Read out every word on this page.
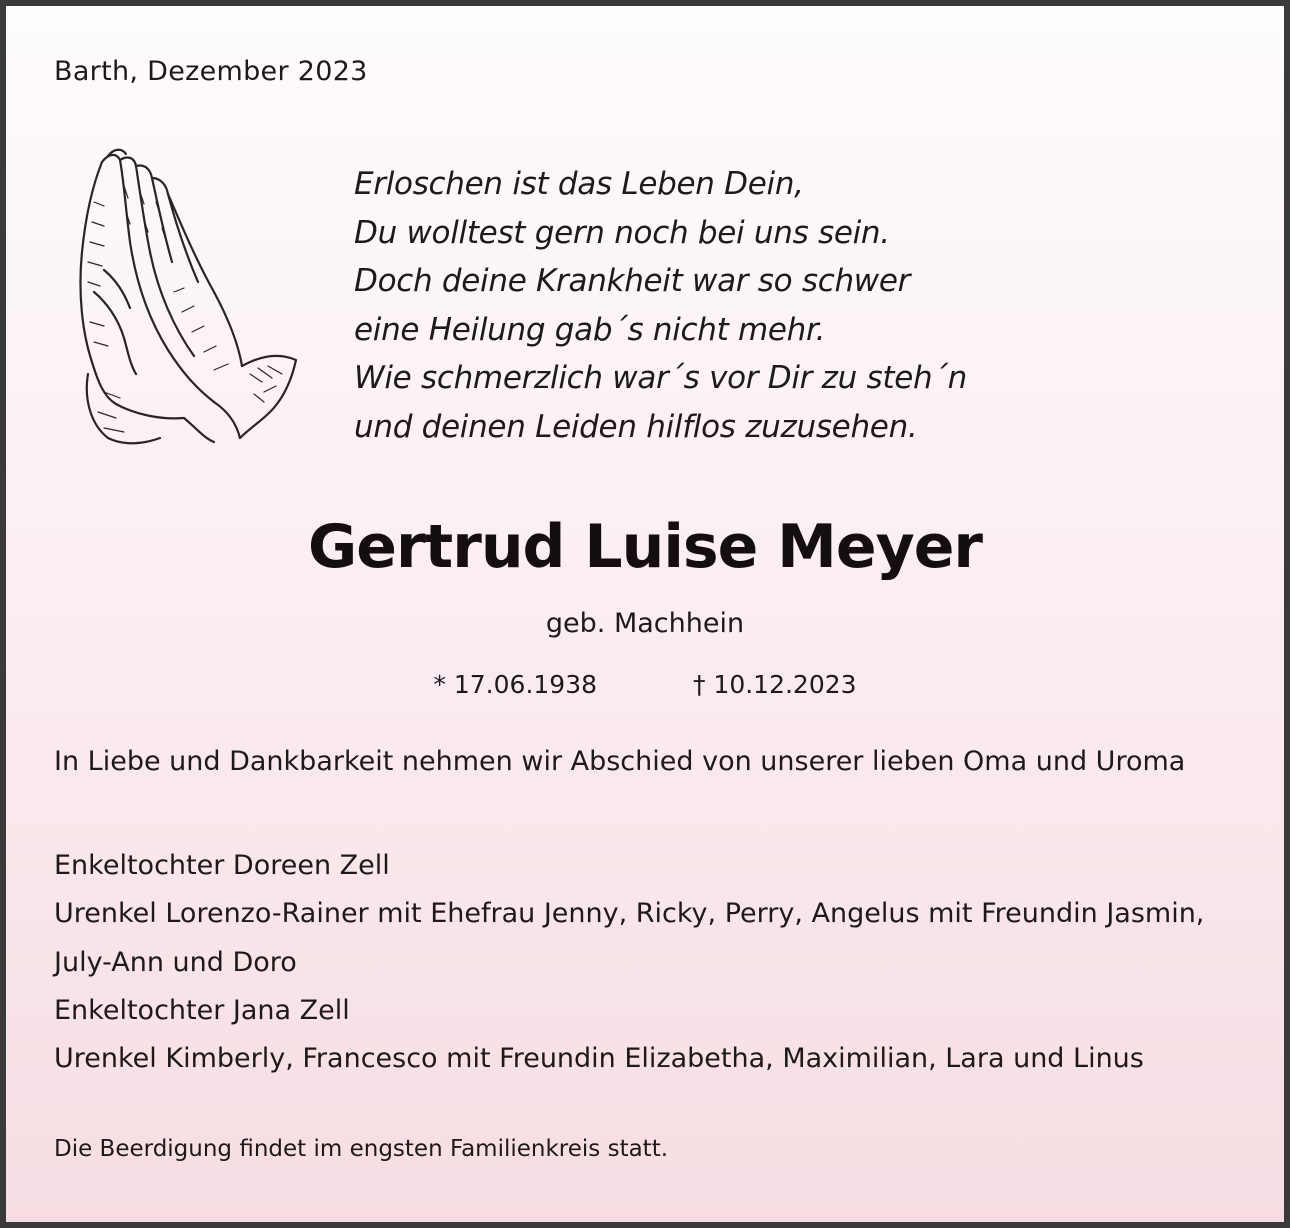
Barth, Dezember 2023

Erloschen ist das Leben Dein,
Du wolltest gern noch bei uns sein.
Doch deine Krankheit war so schwer
eine Heilung gab´s nicht mehr.
Wie schmerzlich war´s vor Dir zu steh´n
und deinen Leiden hilflos zuzusehen.
Gertrud Luise Meyer

geb. Machhein

* 17.06.1938	† 10.12.2023

In Liebe und Dankbarkeit nehmen wir Abschied von unserer lieben Oma und Uroma

Enkeltochter Doreen Zell
Urenkel Lorenzo-Rainer mit Ehefrau Jenny, Ricky, Perry, Angelus mit Freundin Jasmin,
July-Ann und Doro
Enkeltochter Jana Zell
Urenkel Kimberly, Francesco mit Freundin Elizabetha, Maximilian, Lara und Linus

Die Beerdigung findet im engsten Familienkreis statt.
